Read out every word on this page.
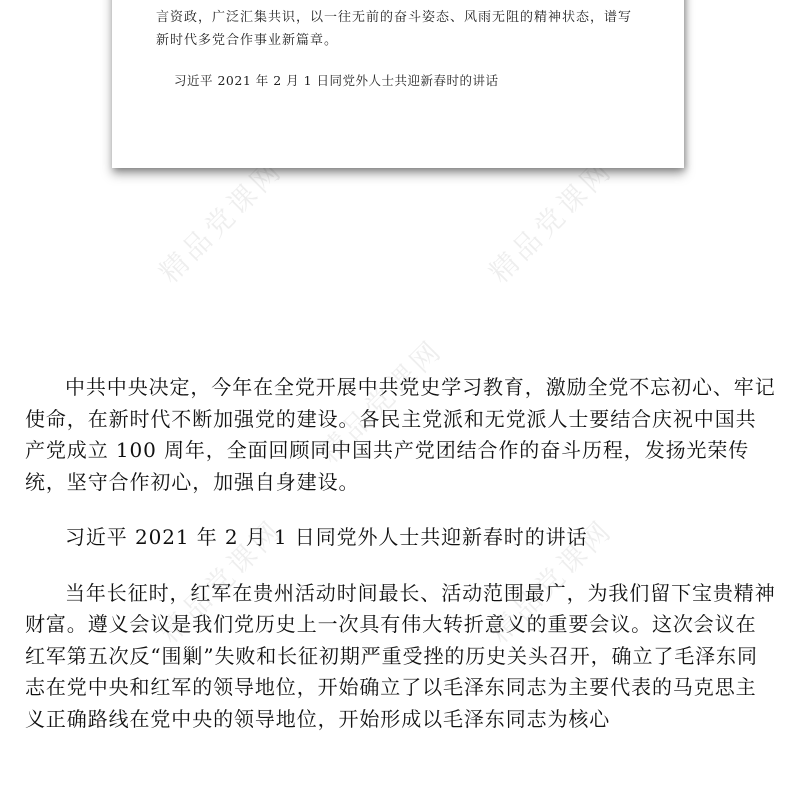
精品党课网	精品党课网
精品党课网
精品党课网	精品党课网

言资政，广泛汇集共识，以一往无前的奋斗姿态、风雨无阻的精神状态，谱写

新时代多党合作事业新篇章。

习近平 2021 年 2 月 1 日同党外人士共迎新春时的讲话

中共中央决定，今年在全党开展中共党史学习教育，激励全党不忘初心、牢记使命，在新时代不断加强党的建设。各民主党派和无党派人士要结合庆祝中国共产党成立 100 周年，全面回顾同中国共产党团结合作的奋斗历程，发扬光荣传统，坚守合作初心，加强自身建设。

习近平 2021 年 2 月 1 日同党外人士共迎新春时的讲话

当年长征时，红军在贵州活动时间最长、活动范围最广，为我们留下宝贵精神财富。遵义会议是我们党历史上一次具有伟大转折意义的重要会议。这次会议在红军第五次反“围剿”失败和长征初期严重受挫的历史关头召开，确立了毛泽东同志在党中央和红军的领导地位，开始确立了以毛泽东同志为主要代表的马克思主义正确路线在党中央的领导地位，开始形成以毛泽东同志为核心
